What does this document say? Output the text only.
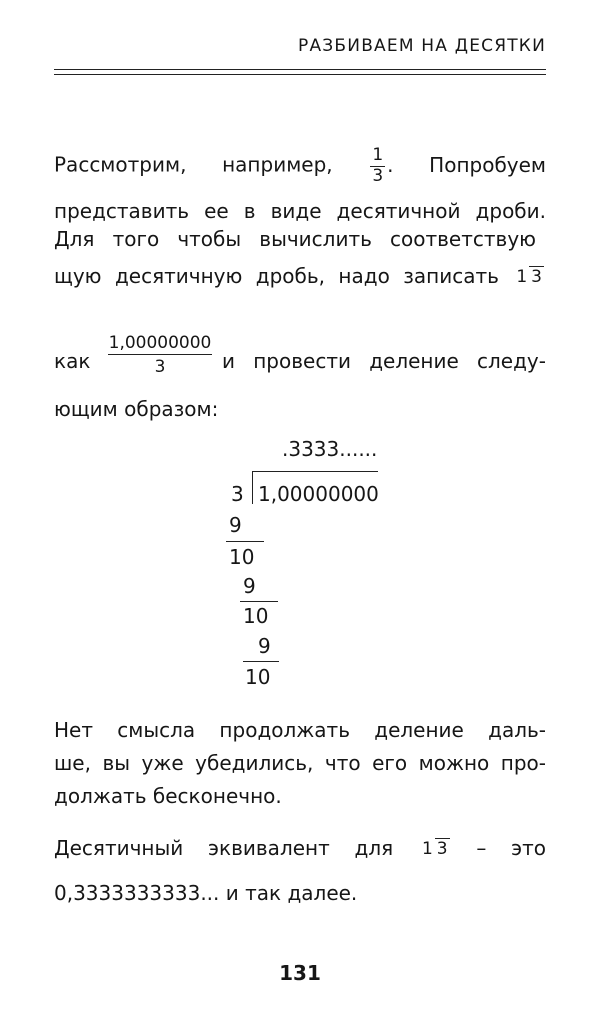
РАЗБИВАЕМ НА ДЕСЯТКИ
Рассмотрим, например, $\frac{1}{3}$ . Попробуем
представить ее в виде десятичной дроби.
Для того чтобы вычислить соответствую
щую десятичную дробь, надо записать 1 3
как $\frac{1,00000000}{3}$ и провести деление следу-
ющим образом:
.3333......
3 1,00000000
9
10
9
10
9
10
Нет смысла продолжать деление даль-
ше, вы уже убедились, что его можно про-
должать бесконечно.
Десятичный эквивалент для 1 3 – это
0,3333333333... и так далее.
131
